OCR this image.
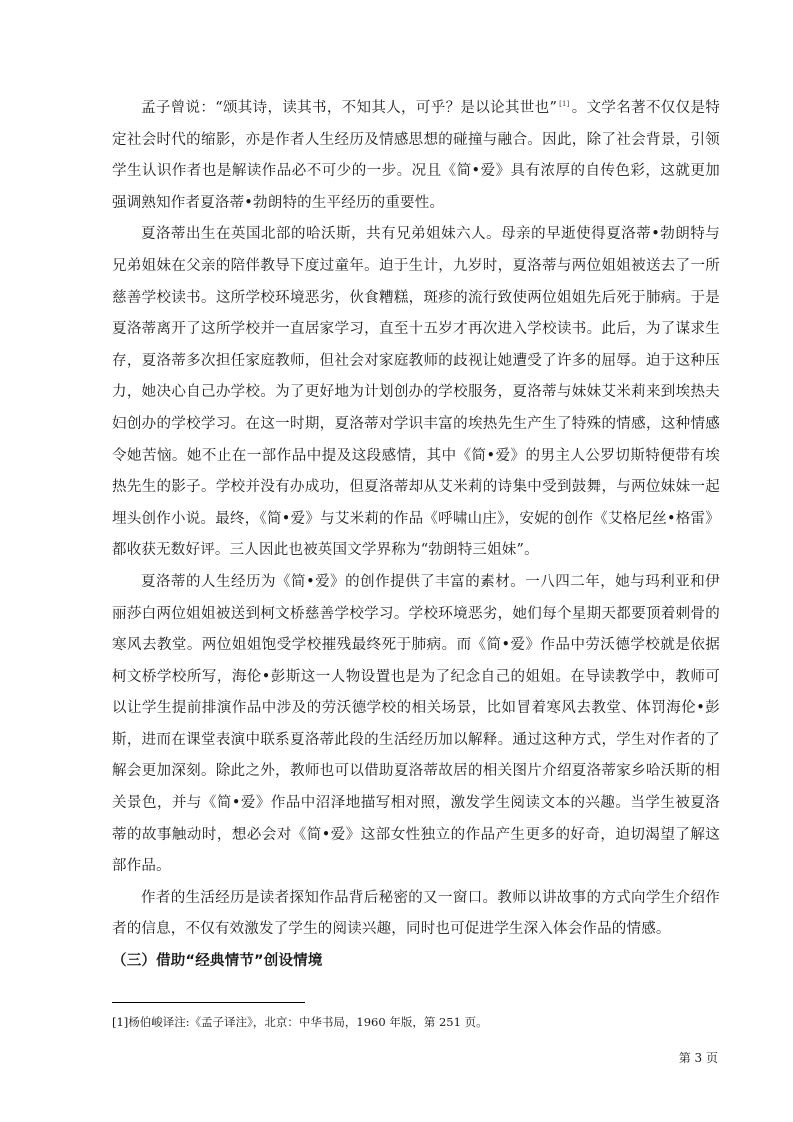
孟子曾说：“颂其诗，读其书，不知其人，可乎？是以论其世也” [1] 。文学名著不仅仅是特定社会时代的缩影，亦是作者人生经历及情感思想的碰撞与融合。因此，除了社会背景，引领学生认识作者也是解读作品必不可少的一步。况且《简•爱》具有浓厚的自传色彩，这就更加强调熟知作者夏洛蒂•勃朗特的生平经历的重要性。

夏洛蒂出生在英国北部的哈沃斯，共有兄弟姐妹六人。母亲的早逝使得夏洛蒂•勃朗特与兄弟姐妹在父亲的陪伴教导下度过童年。迫于生计，九岁时，夏洛蒂与两位姐姐被送去了一所慈善学校读书。这所学校环境恶劣，伙食糟糕，斑疹的流行致使两位姐姐先后死于肺病。于是夏洛蒂离开了这所学校并一直居家学习，直至十五岁才再次进入学校读书。此后，为了谋求生存，夏洛蒂多次担任家庭教师，但社会对家庭教师的歧视让她遭受了许多的屈辱。迫于这种压力，她决心自己办学校。为了更好地为计划创办的学校服务，夏洛蒂与妹妹艾米莉来到埃热夫妇创办的学校学习。在这一时期，夏洛蒂对学识丰富的埃热先生产生了特殊的情感，这种情感令她苦恼。她不止在一部作品中提及这段感情，其中《简•爱》的男主人公罗切斯特便带有埃热先生的影子。学校并没有办成功，但夏洛蒂却从艾米莉的诗集中受到鼓舞，与两位妹妹一起埋头创作小说。最终，《简•爱》与艾米莉的作品《呼啸山庄》，安妮的创作《艾格尼丝•格雷》都收获无数好评。三人因此也被英国文学界称为“勃朗特三姐妹”。

夏洛蒂的人生经历为《简•爱》的创作提供了丰富的素材。一八四二年，她与玛利亚和伊丽莎白两位姐姐被送到柯文桥慈善学校学习。学校环境恶劣，她们每个星期天都要顶着刺骨的寒风去教堂。两位姐姐饱受学校摧残最终死于肺病。而《简•爱》作品中劳沃德学校就是依据柯文桥学校所写，海伦•彭斯这一人物设置也是为了纪念自己的姐姐。在导读教学中，教师可以让学生提前排演作品中涉及的劳沃德学校的相关场景，比如冒着寒风去教堂、体罚海伦•彭斯，进而在课堂表演中联系夏洛蒂此段的生活经历加以解释。通过这种方式，学生对作者的了解会更加深刻。除此之外，教师也可以借助夏洛蒂故居的相关图片介绍夏洛蒂家乡哈沃斯的相关景色，并与《简•爱》作品中沼泽地描写相对照，激发学生阅读文本的兴趣。当学生被夏洛蒂的故事触动时，想必会对《简•爱》这部女性独立的作品产生更多的好奇，迫切渴望了解这部作品。

作者的生活经历是读者探知作品背后秘密的又一窗口。教师以讲故事的方式向学生介绍作者的信息，不仅有效激发了学生的阅读兴趣，同时也可促进学生深入体会作品的情感。

（三）借助“经典情节”创设情境

[1]杨伯峻译注:《孟子译注》，北京：中华书局，1960 年版，第 251 页。
第 3 页
